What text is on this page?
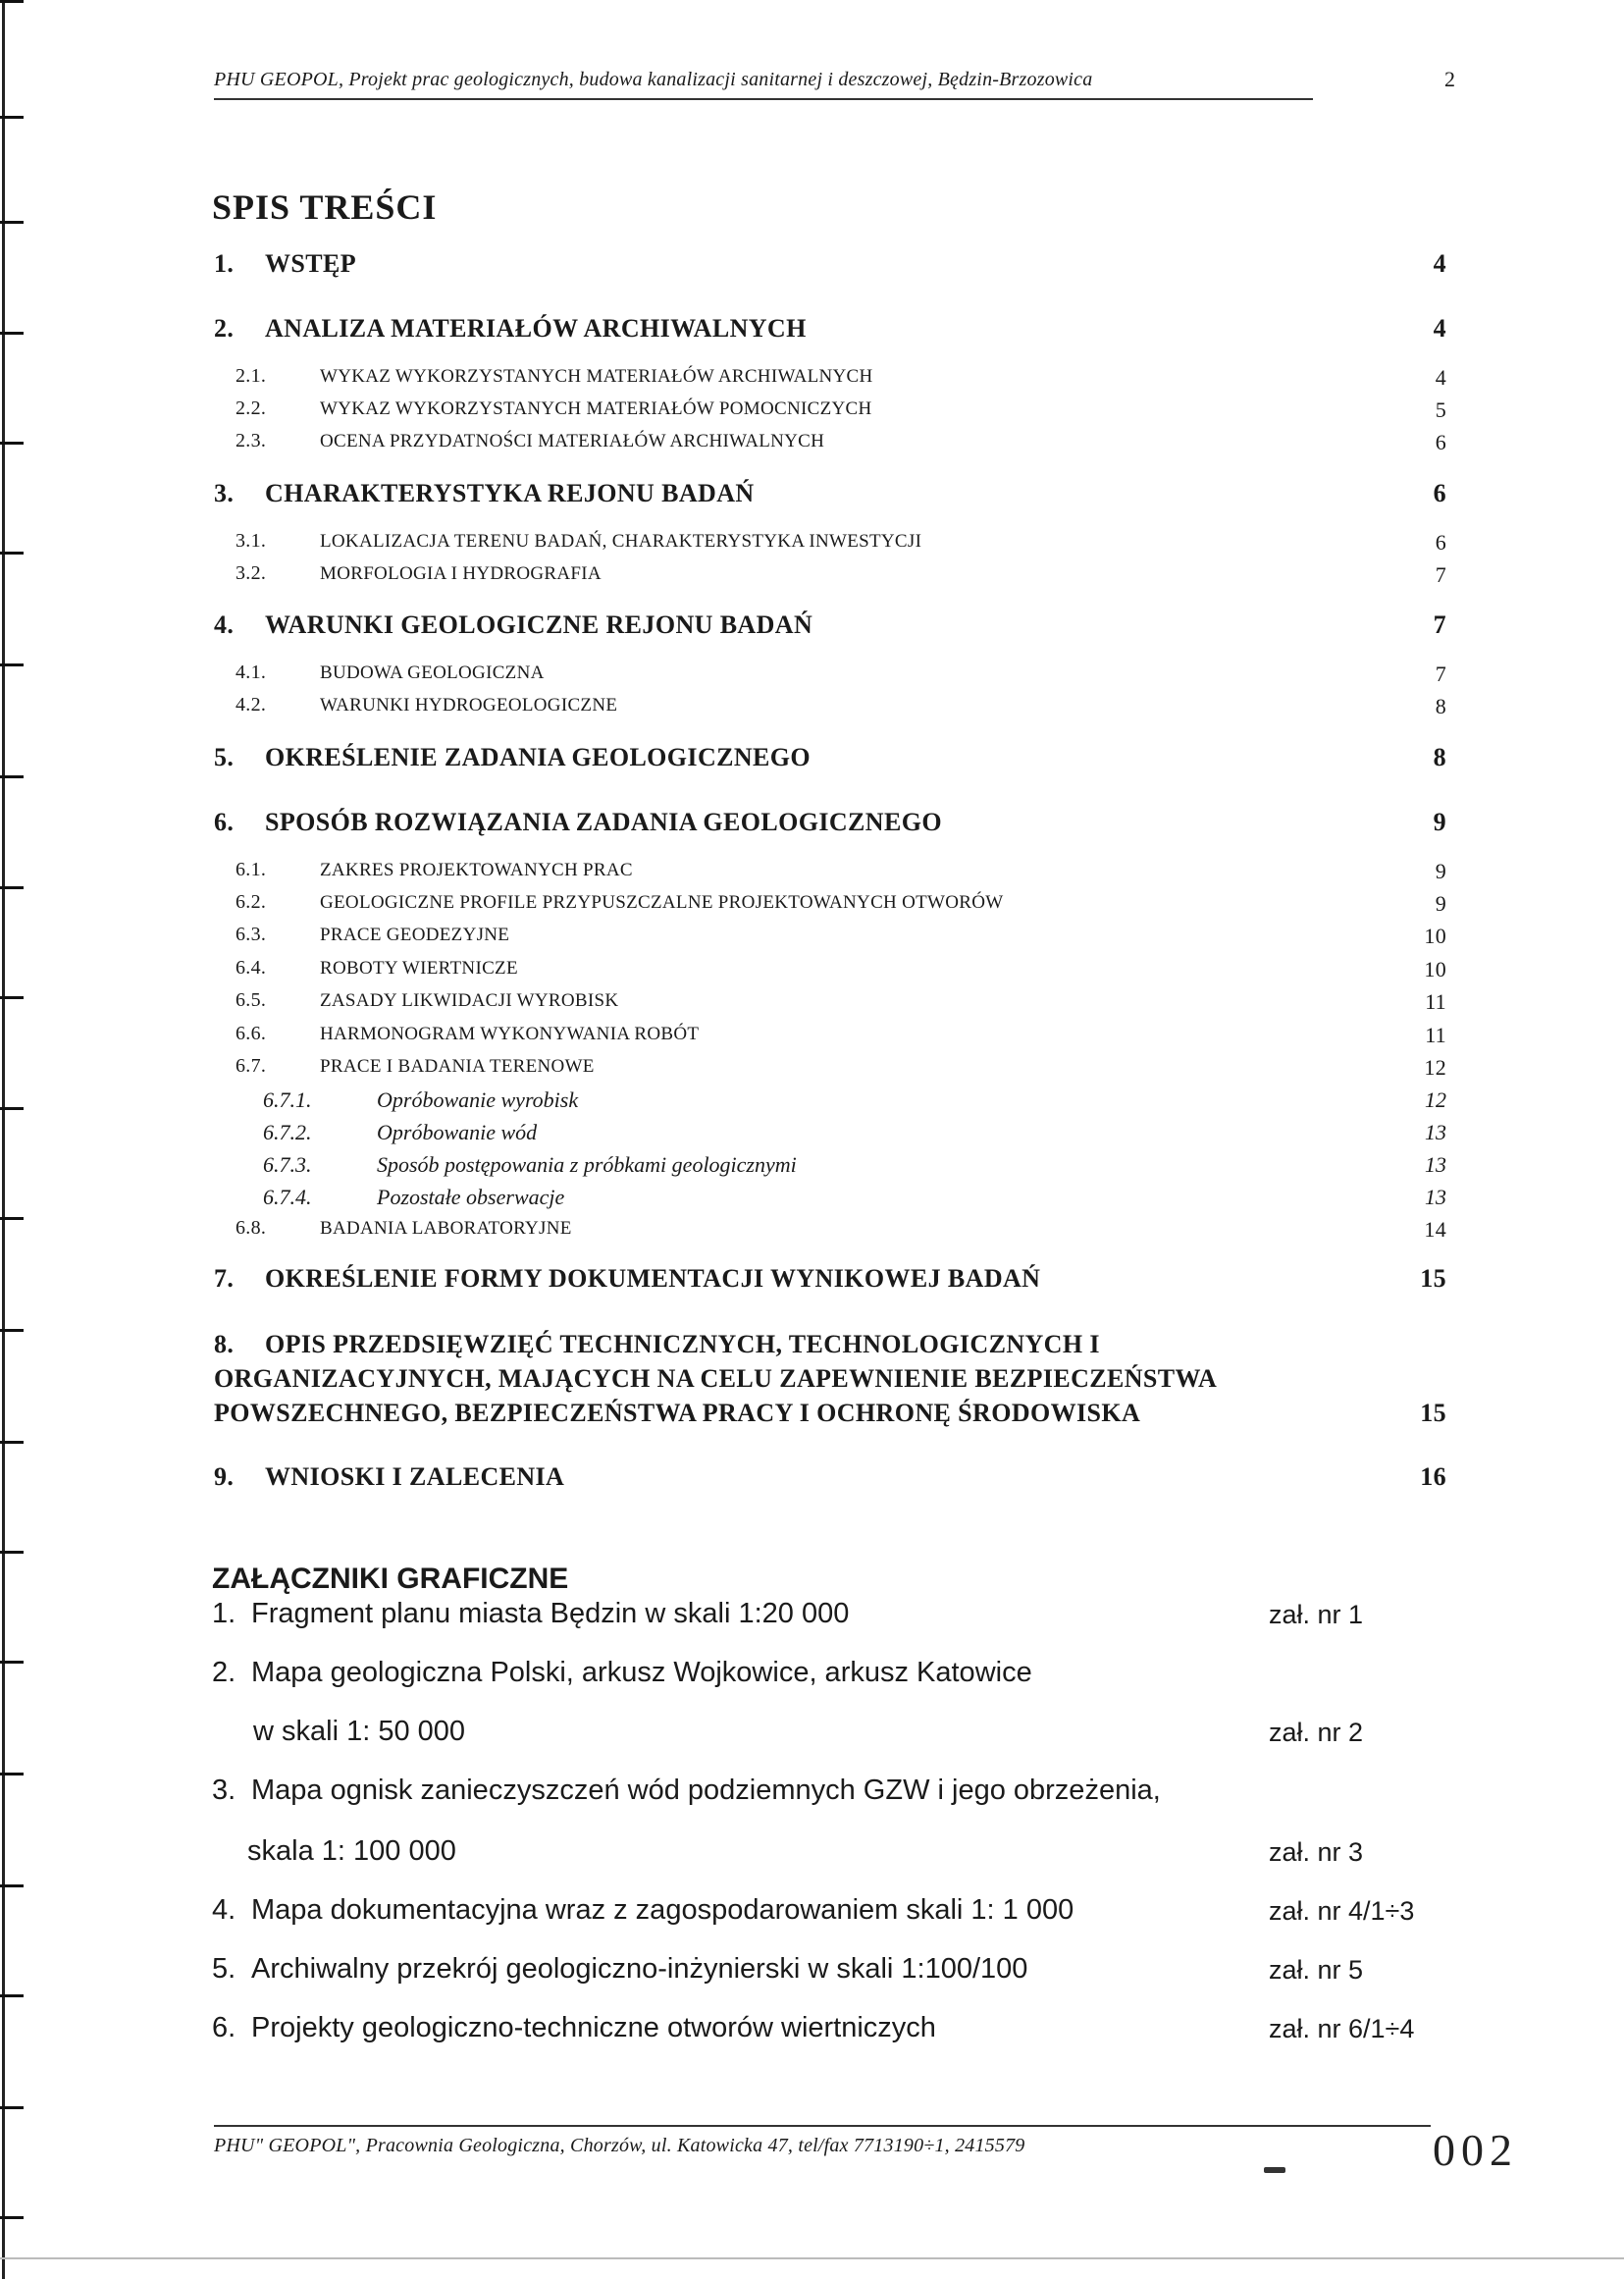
PHU GEOPOL, Projekt prac geologicznych, budowa kanalizacji sanitarnej i deszczowej, Będzin-Brzozowica	2
SPIS TREŚCI
1. WSTĘP	4
2. ANALIZA MATERIAŁÓW ARCHIWALNYCH	4
2.1.	WYKAZ WYKORZYSTANYCH MATERIAŁÓW ARCHIWALNYCH	4
2.2.	WYKAZ WYKORZYSTANYCH MATERIAŁÓW POMOCNICZYCH	5
2.3.	OCENA PRZYDATNOŚCI MATERIAŁÓW ARCHIWALNYCH	6
3. CHARAKTERYSTYKA REJONU BADAŃ	6
3.1.	LOKALIZACJA TERENU BADAŃ, CHARAKTERYSTYKA INWESTYCJI	6
3.2.	MORFOLOGIA I HYDROGRAFIA	7
4. WARUNKI GEOLOGICZNE REJONU BADAŃ	7
4.1.	BUDOWA GEOLOGICZNA	7
4.2.	WARUNKI HYDROGEOLOGICZNE	8
5. OKREŚLENIE ZADANIA GEOLOGICZNEGO	8
6. SPOSÓB ROZWIĄZANIA ZADANIA GEOLOGICZNEGO	9
6.1.	ZAKRES PROJEKTOWANYCH PRAC	9
6.2.	GEOLOGICZNE PROFILE PRZYPUSZCZALNE PROJEKTOWANYCH OTWORÓW	9
6.3.	PRACE GEODEZYJNE	10
6.4.	ROBOTY WIERTNICZE	10
6.5.	ZASADY LIKWIDACJI WYROBISK	11
6.6.	HARMONOGRAM WYKONYWANIA ROBÓT	11
6.7.	PRACE I BADANIA TERENOWE	12
6.7.1.	Opróbowanie wyrobisk	12
6.7.2.	Opróbowanie wód	13
6.7.3.	Sposób postępowania z próbkami geologicznymi	13
6.7.4.	Pozostałe obserwacje	13
6.8.	BADANIA LABORATORYJNE	14
7. OKREŚLENIE FORMY DOKUMENTACJI WYNIKOWEJ BADAŃ	15
8. OPIS PRZEDSIĘWZIĘĆ TECHNICZNYCH, TECHNOLOGICZNYCH I
ORGANIZACYJNYCH, MAJĄCYCH NA CELU ZAPEWNIENIE BEZPIECZEŃSTWA
POWSZECHNEGO, BEZPIECZEŃSTWA PRACY I OCHRONĘ ŚRODOWISKA	15
9. WNIOSKI I ZALECENIA	16
ZAŁĄCZNIKI GRAFICZNE
1. Fragment planu miasta Będzin w skali 1:20 000	zał. nr 1
2. Mapa geologiczna Polski, arkusz Wojkowice, arkusz Katowice
w skali 1: 50 000	zał. nr 2
3. Mapa ognisk zanieczyszczeń wód podziemnych GZW i jego obrzeżenia,
skala 1: 100 000	zał. nr 3
4. Mapa dokumentacyjna wraz z zagospodarowaniem skali 1: 1 000	zał. nr 4/1÷3
5. Archiwalny przekrój geologiczno-inżynierski w skali 1:100/100	zał. nr 5
6. Projekty geologiczno-techniczne otworów wiertniczych	zał. nr 6/1÷4
PHU" GEOPOL", Pracownia Geologiczna, Chorzów, ul. Katowicka 47, tel/fax 7713190÷1, 2415579	002
